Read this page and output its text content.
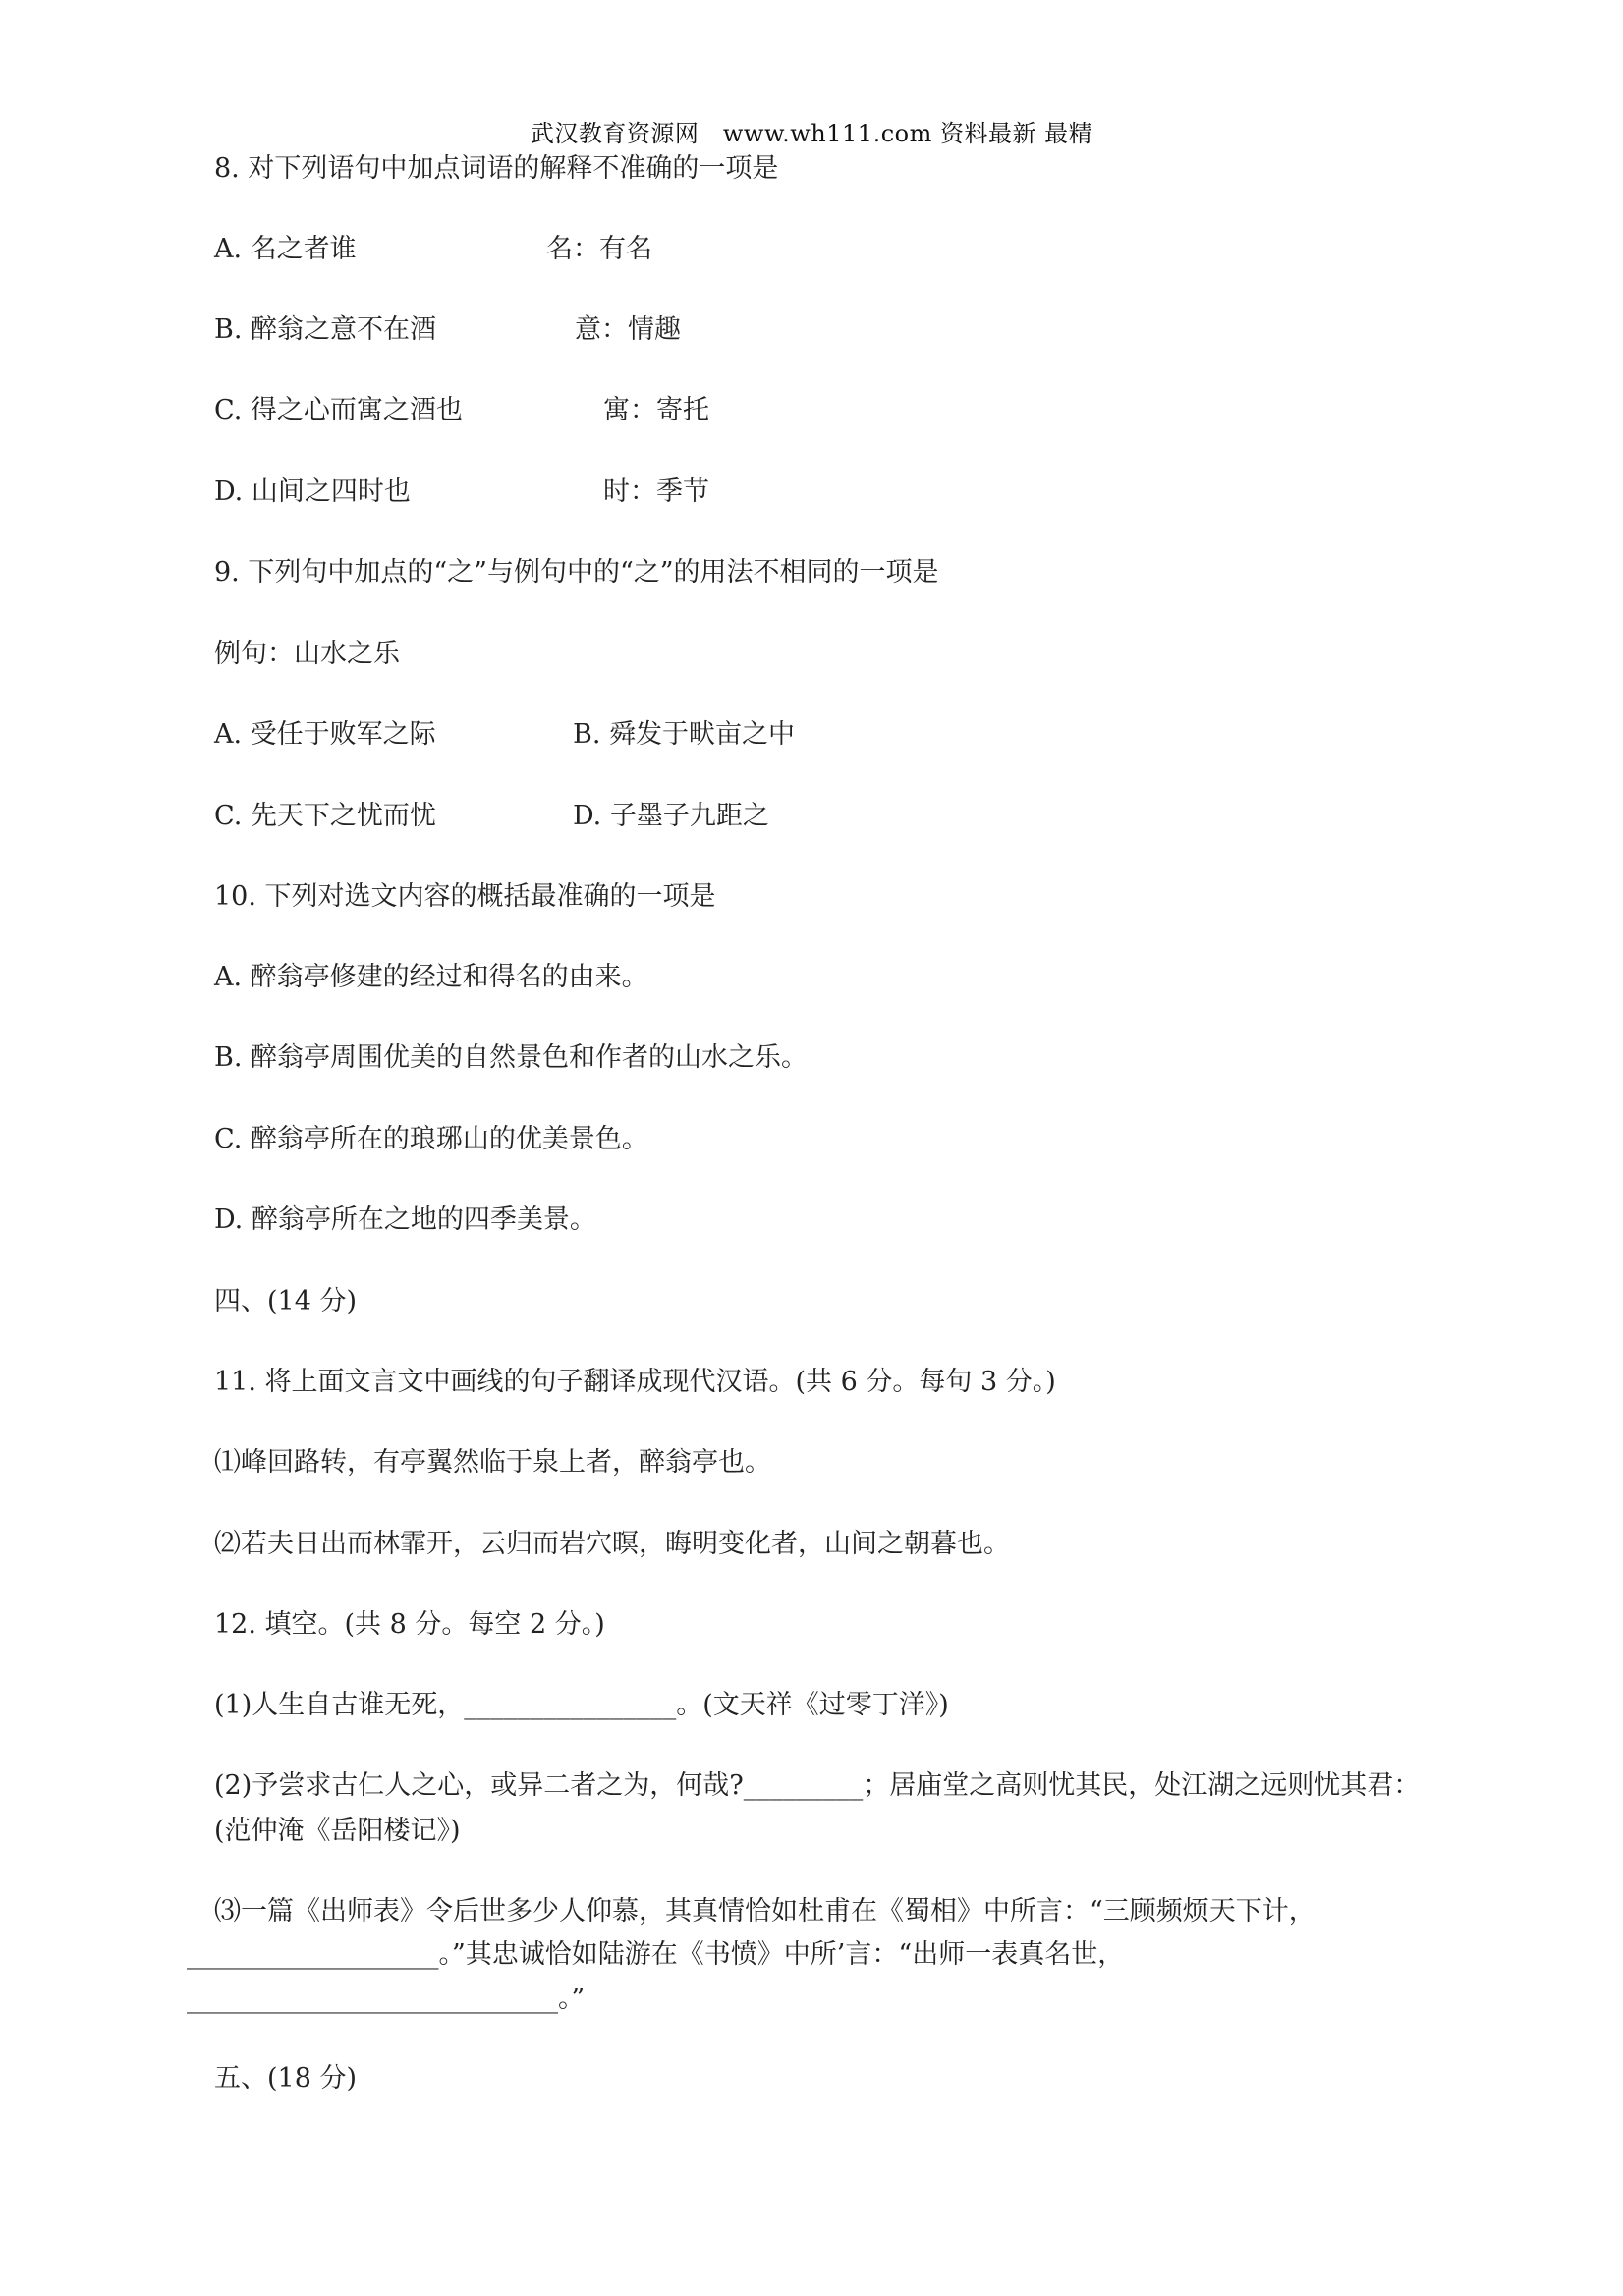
武汉教育资源网　www.wh111.com 资料最新 最精
8. 对下列语句中加点词语的解释不准确的一项是
A. 名之者谁	名：有名
B. 醉翁之意不在酒	意：情趣
C. 得之心而寓之酒也	寓：寄托
D. 山间之四时也	时：季节
9. 下列句中加点的“之”与例句中的“之”的用法不相同的一项是
例句：山水之乐
A. 受任于败军之际	B. 舜发于畎亩之中
C. 先天下之忧而忧	D. 子墨子九距之
10. 下列对选文内容的概括最准确的一项是
A. 醉翁亭修建的经过和得名的由来。
B. 醉翁亭周围优美的自然景色和作者的山水之乐。
C. 醉翁亭所在的琅琊山的优美景色。
D. 醉翁亭所在之地的四季美景。
四、(14 分)
11. 将上面文言文中画线的句子翻译成现代汉语。(共 6 分。每句 3 分。)
⑴峰回路转，有亭翼然临于泉上者，醉翁亭也。
⑵若夫日出而林霏开，云归而岩穴暝，晦明变化者，山间之朝暮也。
12. 填空。(共 8 分。每空 2 分。)
(1)人生自古谁无死，________________。(文天祥《过零丁洋》)
(2)予尝求古仁人之心，或异二者之为，何哉?_________；居庙堂之高则忧其民，处江湖之远则忧其君：
(范仲淹《岳阳楼记》)
⑶一篇《出师表》令后世多少人仰慕，其真情恰如杜甫在《蜀相》中所言：“三顾频烦天下计，
___________________。”其忠诚恰如陆游在《书愤》中所’言：“出师一表真名世，
____________________________。”
五、(18 分)
